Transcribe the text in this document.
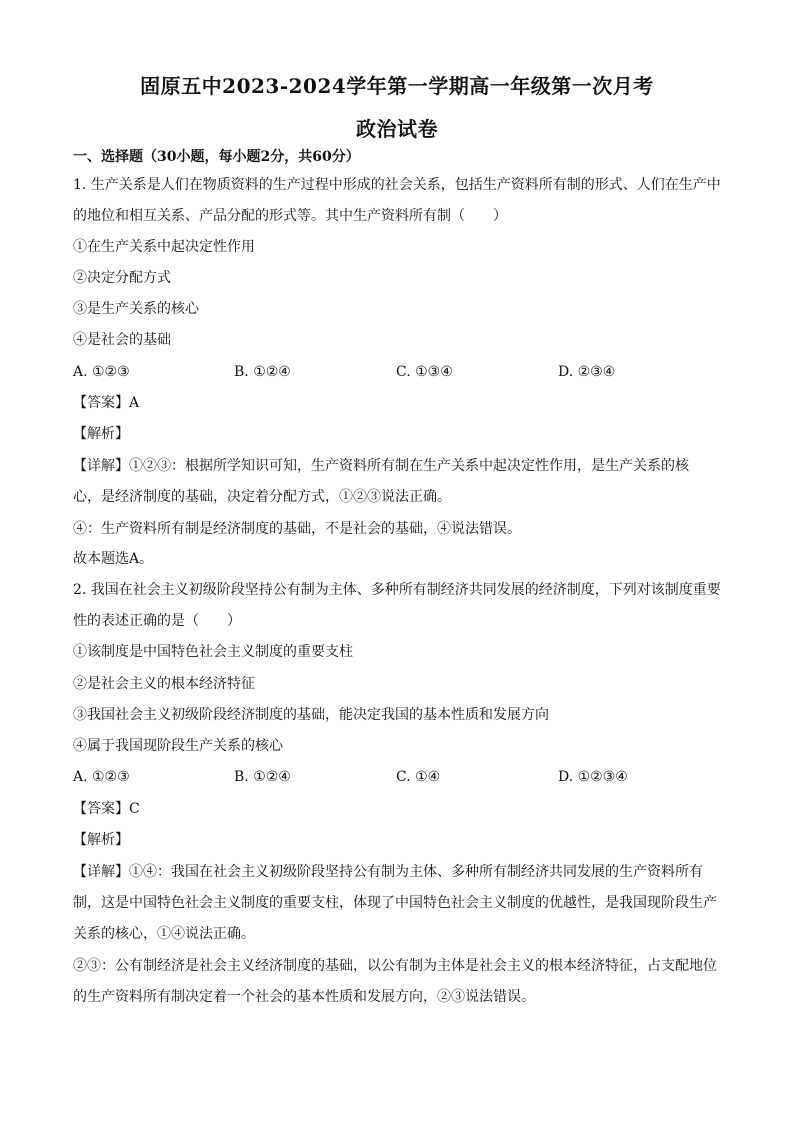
固原五中2023-2024学年第一学期高一年级第一次月考
政治试卷
一、选择题（30小题，每小题2分，共60分）
1. 生产关系是人们在物质资料的生产过程中形成的社会关系，包括生产资料所有制的形式、人们在生产中
的地位和相互关系、产品分配的形式等。其中生产资料所有制（　　）
①在生产关系中起决定性作用
②决定分配方式
③是生产关系的核心
④是社会的基础
A. ①②③	B. ①②④	C. ①③④	D. ②③④
【答案】A
【解析】
【详解】①②③：根据所学知识可知，生产资料所有制在生产关系中起决定性作用，是生产关系的核
心，是经济制度的基础，决定着分配方式，①②③说法正确。
④：生产资料所有制是经济制度的基础，不是社会的基础，④说法错误。
故本题选A。
2. 我国在社会主义初级阶段坚持公有制为主体、多种所有制经济共同发展的经济制度，下列对该制度重要
性的表述正确的是（　　）
①该制度是中国特色社会主义制度的重要支柱
②是社会主义的根本经济特征
③我国社会主义初级阶段经济制度的基础，能决定我国的基本性质和发展方向
④属于我国现阶段生产关系的核心
A. ①②③	B. ①②④	C. ①④	D. ①②③④
【答案】C
【解析】
【详解】①④：我国在社会主义初级阶段坚持公有制为主体、多种所有制经济共同发展的生产资料所有
制，这是中国特色社会主义制度的重要支柱，体现了中国特色社会主义制度的优越性，是我国现阶段生产
关系的核心，①④说法正确。
②③：公有制经济是社会主义经济制度的基础，以公有制为主体是社会主义的根本经济特征，占支配地位
的生产资料所有制决定着一个社会的基本性质和发展方向，②③说法错误。
